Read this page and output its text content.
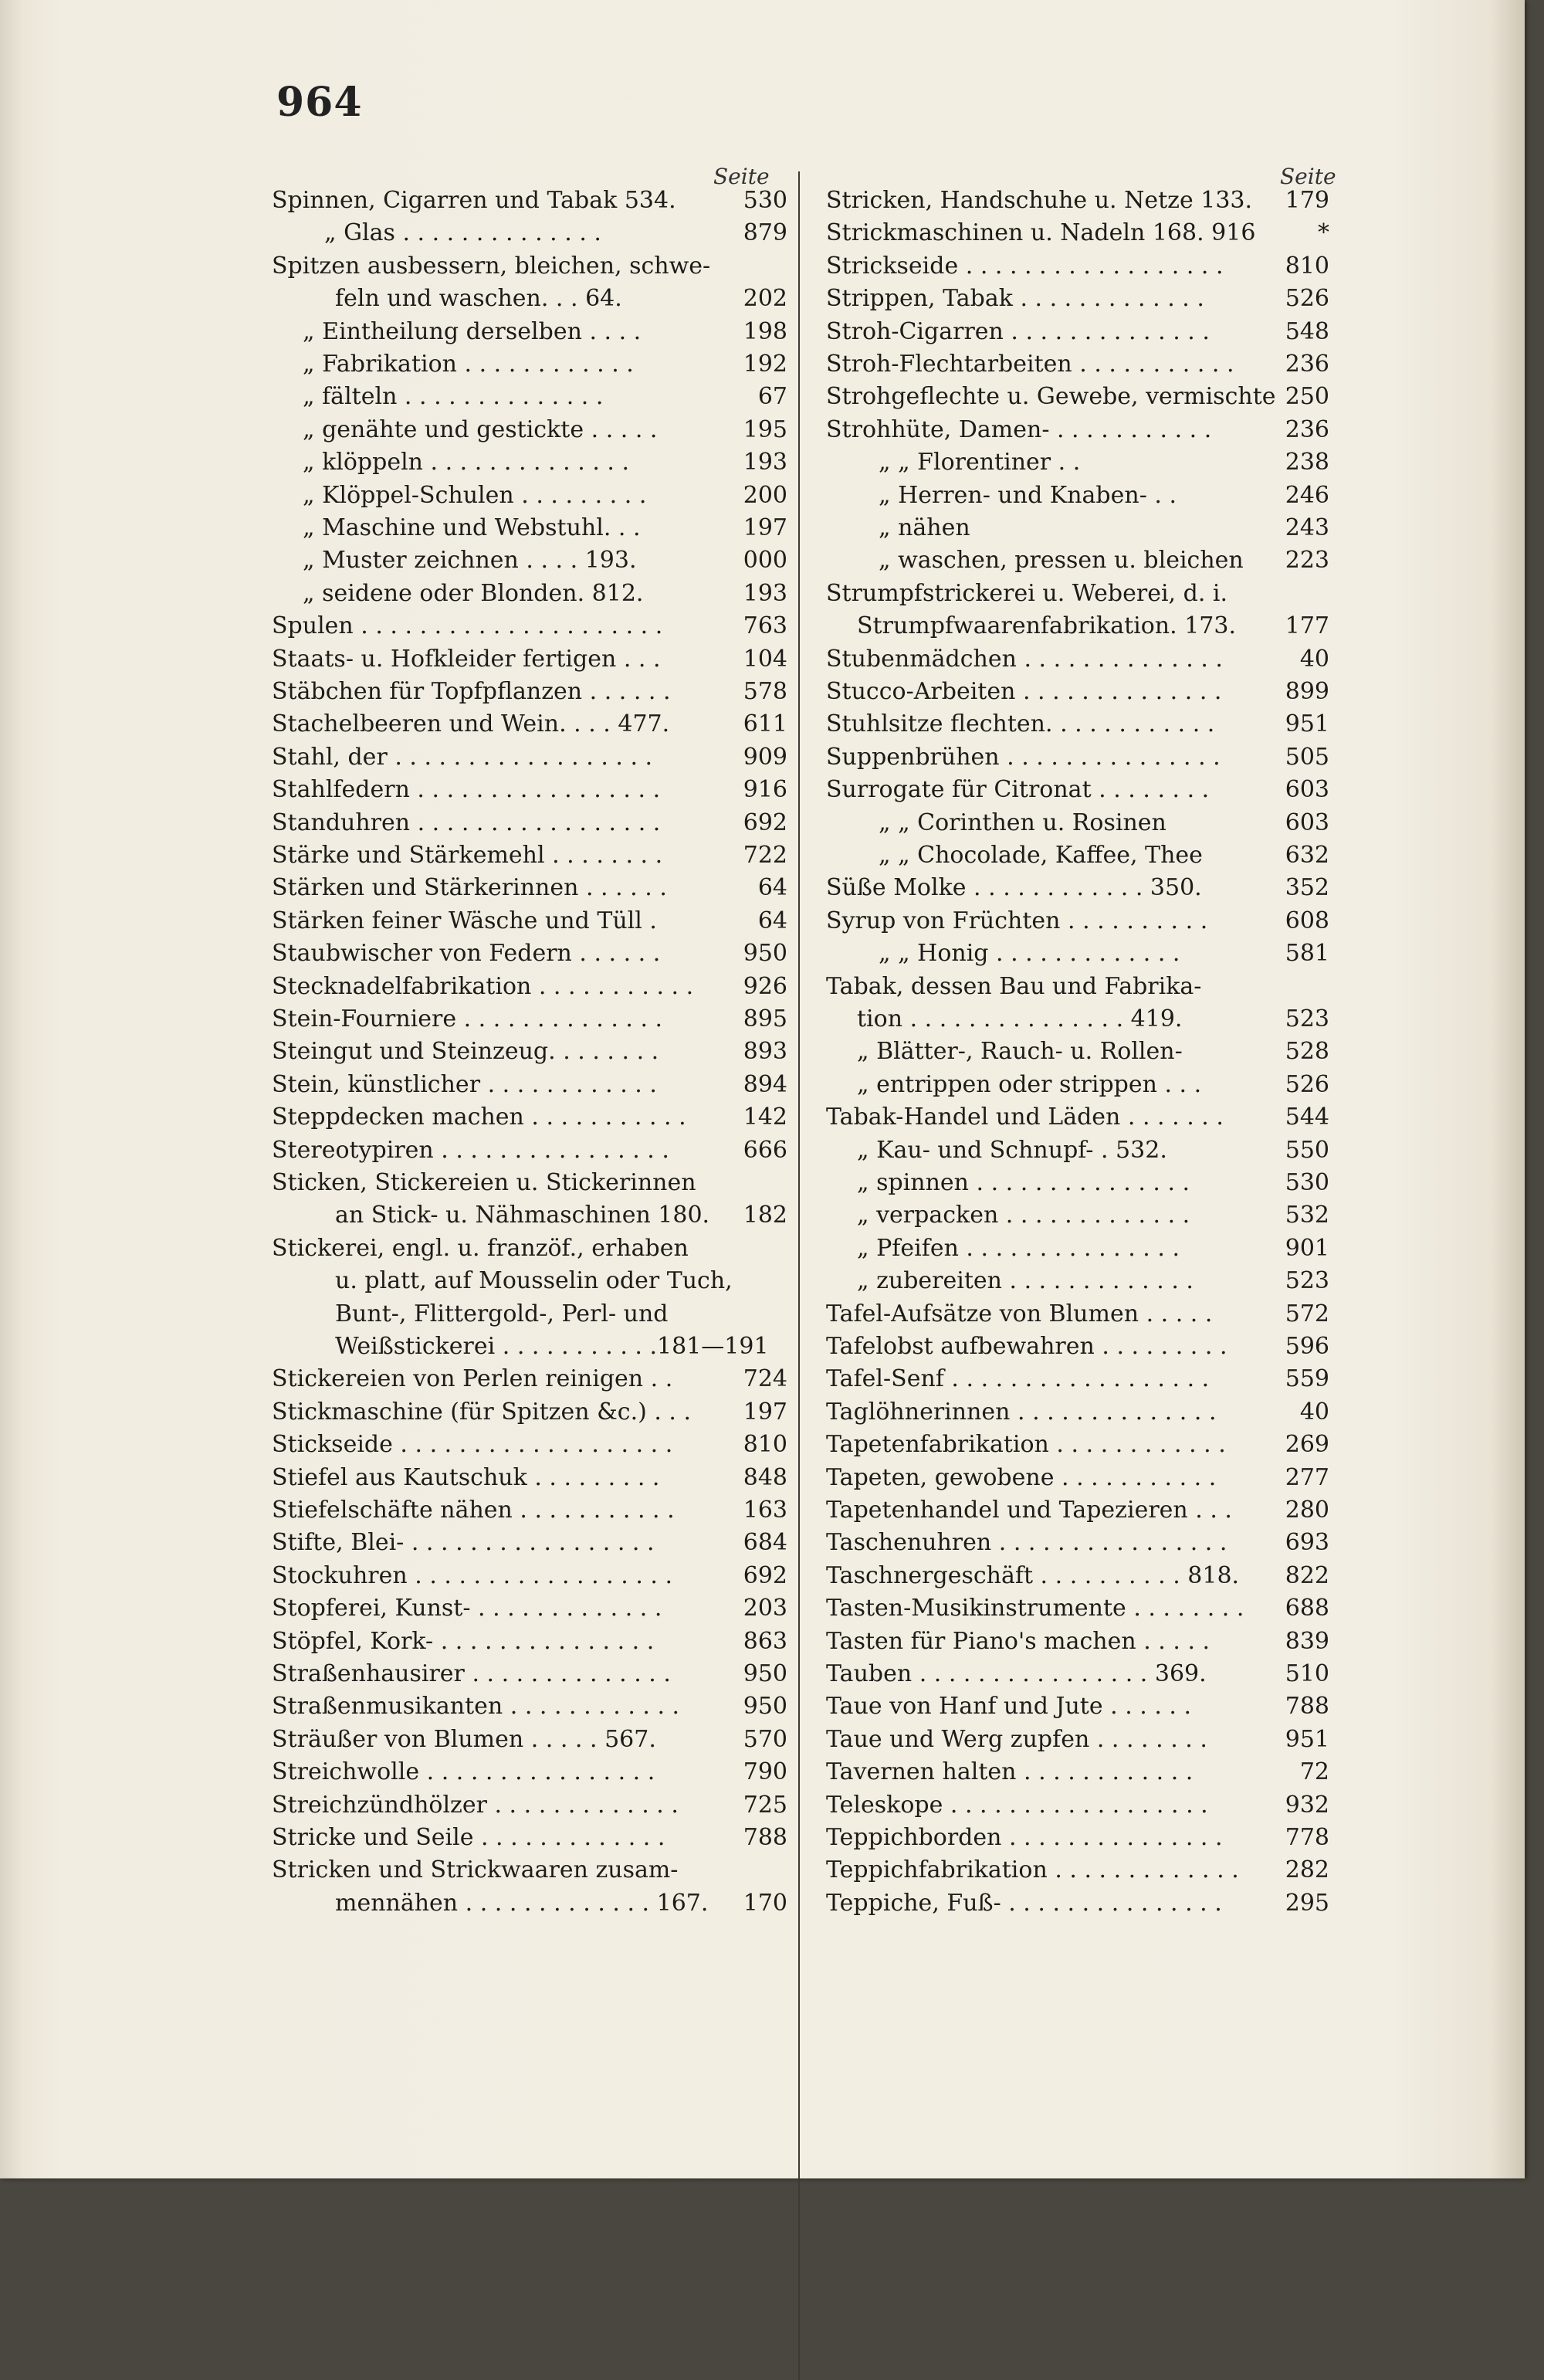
964
Seite	Seite
Spinnen, Cigarren und Tabak 534.	530
„ Glas . . . . . . . . . . . . . .	879
Spitzen ausbessern, bleichen, schwe-
feln und waschen. . . 64.	202
„ Eintheilung derselben . . . .	198
„ Fabrikation . . . . . . . . . . . .	192
„ fälteln . . . . . . . . . . . . . .	67
„ genähte und gestickte . . . . .	195
„ klöppeln . . . . . . . . . . . . . .	193
„ Klöppel-Schulen . . . . . . . . .	200
„ Maschine und Webstuhl. . .	197
„ Muster zeichnen . . . . 193.	000
„ seidene oder Blonden. 812.	193
Spulen . . . . . . . . . . . . . . . . . . . . .	763
Staats- u. Hofkleider fertigen . . .	104
Stäbchen für Topfpflanzen . . . . . .	578
Stachelbeeren und Wein. . . . 477.	611
Stahl, der . . . . . . . . . . . . . . . . . .	909
Stahlfedern . . . . . . . . . . . . . . . . .	916
Standuhren . . . . . . . . . . . . . . . . .	692
Stärke und Stärkemehl . . . . . . . .	722
Stärken und Stärkerinnen . . . . . .	64
Stärken feiner Wäsche und Tüll .	64
Staubwischer von Federn . . . . . .	950
Stecknadelfabrikation . . . . . . . . . . . 926
Stein-Fourniere . . . . . . . . . . . . . .	895
Steingut und Steinzeug. . . . . . . .	893
Stein, künstlicher . . . . . . . . . . . .	894
Steppdecken machen . . . . . . . . . . . 142
Stereotypiren . . . . . . . . . . . . . . . .	666
Sticken, Stickereien u. Stickerinnen
an Stick- u. Nähmaschinen 180. 182
Stickerei, engl. u. franzöf., erhaben
u. platt, auf Mousselin oder Tuch,
Bunt-, Flittergold-, Perl- und
Weißstickerei . . . . . . . . . . .181—191
Stickereien von Perlen reinigen . .	724
Stickmaschine (für Spitzen &c.) . . . 197
Stickseide . . . . . . . . . . . . . . . . . . .	810
Stiefel aus Kautschuk . . . . . . . . .	848
Stiefelschäfte nähen . . . . . . . . . . .	163
Stifte, Blei- . . . . . . . . . . . . . . . . .	684
Stockuhren . . . . . . . . . . . . . . . . . .	692
Stopferei, Kunst- . . . . . . . . . . . . .	203
Stöpfel, Kork- . . . . . . . . . . . . . . .	863
Straßenhausirer . . . . . . . . . . . . . .	950
Straßenmusikanten . . . . . . . . . . . .	950
Sträußer von Blumen . . . . . 567.	570
Streichwolle . . . . . . . . . . . . . . . .	790
Streichzündhölzer . . . . . . . . . . . . .	725
Stricke und Seile . . . . . . . . . . . . .	788
Stricken und Strickwaaren zusam-
mennähen . . . . . . . . . . . . . 167. 170
Stricken, Handschuhe u. Netze 133. 179
Strickmaschinen u. Nadeln 168. 916	*
Strickseide . . . . . . . . . . . . . . . . . .	810
Strippen, Tabak . . . . . . . . . . . . .	526
Stroh-Cigarren . . . . . . . . . . . . . .	548
Stroh-Flechtarbeiten . . . . . . . . . . . 236
Strohgeflechte u. Gewebe, vermischte 250
Strohhüte, Damen- . . . . . . . . . . .	236
„ „ Florentiner . .	238
„ Herren- und Knaben- . .	246
„ nähen	243
„ waschen, pressen u. bleichen 223
Strumpfstrickerei u. Weberei, d. i.
Strumpfwaarenfabrikation. 173. 177
Stubenmädchen . . . . . . . . . . . . . .	40
Stucco-Arbeiten . . . . . . . . . . . . . .	899
Stuhlsitze flechten. . . . . . . . . . . .	951
Suppenbrühen . . . . . . . . . . . . . . .	505
Surrogate für Citronat . . . . . . . .	603
„ „ Corinthen u. Rosinen	603
„ „ Chocolade, Kaffee, Thee	632
Süße Molke . . . . . . . . . . . . 350.	352
Syrup von Früchten . . . . . . . . . .	608
„ „ Honig . . . . . . . . . . . . .	581
Tabak, dessen Bau und Fabrika-
tion . . . . . . . . . . . . . . . 419.	523
„ Blätter-, Rauch- u. Rollen-	528
„ entrippen oder strippen . . .	526
Tabak-Handel und Läden . . . . . . .	544
„ Kau- und Schnupf- . 532.	550
„ spinnen . . . . . . . . . . . . . . .	530
„ verpacken . . . . . . . . . . . . .	532
„ Pfeifen . . . . . . . . . . . . . . .	901
„ zubereiten . . . . . . . . . . . . .	523
Tafel-Aufsätze von Blumen . . . . .	572
Tafelobst aufbewahren . . . . . . . . .	596
Tafel-Senf . . . . . . . . . . . . . . . . . .	559
Taglöhnerinnen . . . . . . . . . . . . . .	40
Tapetenfabrikation . . . . . . . . . . . .	269
Tapeten, gewobene . . . . . . . . . . .	277
Tapetenhandel und Tapezieren . . . 280
Taschenuhren . . . . . . . . . . . . . . . .	693
Taschnergeschäft . . . . . . . . . . 818. 822
Tasten-Musikinstrumente . . . . . . . . 688
Tasten für Piano's machen . . . . .	839
Tauben . . . . . . . . . . . . . . . . 369.	510
Taue von Hanf und Jute . . . . . .	788
Taue und Werg zupfen . . . . . . . .	951
Tavernen halten . . . . . . . . . . . .	72
Teleskope . . . . . . . . . . . . . . . . . .	932
Teppichborden . . . . . . . . . . . . . . .	778
Teppichfabrikation . . . . . . . . . . . . . 282
Teppiche, Fuß- . . . . . . . . . . . . . . .	295
